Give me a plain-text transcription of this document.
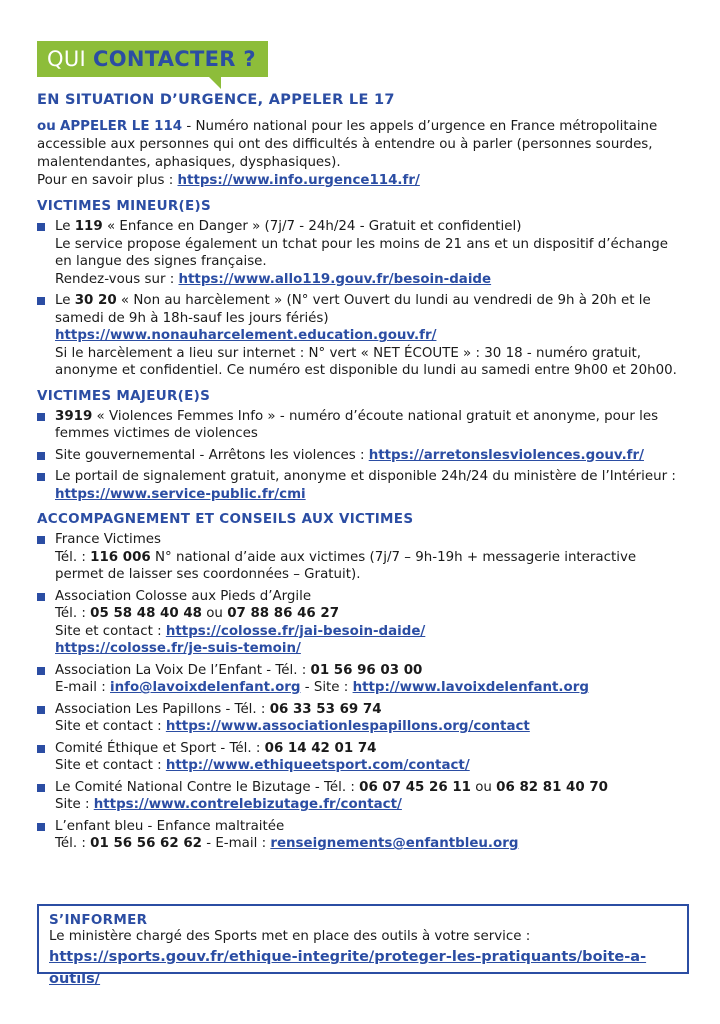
QUI CONTACTER ?
EN SITUATION D’URGENCE, APPELER LE 17

ou APPELER LE 114 - Numéro national pour les appels d’urgence en France métropolitaine accessible aux personnes qui ont des difficultés à entendre ou à parler (personnes sourdes, malentendantes, aphasiques, dysphasiques).
Pour en savoir plus : https://www.info.urgence114.fr/

VICTIMES MINEUR(E)S
Le 119 « Enfance en Danger » (7j/7 - 24h/24 - Gratuit et confidentiel)
Le service propose également un tchat pour les moins de 21 ans et un dispositif d’échange en langue des signes française.
Rendez-vous sur : https://www.allo119.gouv.fr/besoin-daide
Le 30 20 « Non au harcèlement » (N° vert Ouvert du lundi au vendredi de 9h à 20h et le samedi de 9h à 18h-sauf les jours fériés)
https://www.nonauharcelement.education.gouv.fr/
Si le harcèlement a lieu sur internet : N° vert « NET ÉCOUTE » : 30 18 - numéro gratuit, anonyme et confidentiel. Ce numéro est disponible du lundi au samedi entre 9h00 et 20h00.
VICTIMES MAJEUR(E)S
3919 « Violences Femmes Info » - numéro d’écoute national gratuit et anonyme, pour les femmes victimes de violences
Site gouvernemental - Arrêtons les violences : https://arretonslesviolences.gouv.fr/
Le portail de signalement gratuit, anonyme et disponible 24h/24 du ministère de l’Intérieur : https://www.service-public.fr/cmi
ACCOMPAGNEMENT ET CONSEILS AUX VICTIMES
France Victimes
Tél. : 116 006 N° national d’aide aux victimes (7j/7 – 9h-19h + messagerie interactive permet de laisser ses coordonnées – Gratuit).
Association Colosse aux Pieds d’Argile
Tél. : 05 58 48 40 48 ou 07 88 86 46 27
Site et contact : https://colosse.fr/jai-besoin-daide/
https://colosse.fr/je-suis-temoin/
Association La Voix De l’Enfant - Tél. : 01 56 96 03 00
E-mail : info@lavoixdelenfant.org - Site : http://www.lavoixdelenfant.org
Association Les Papillons - Tél. : 06 33 53 69 74
Site et contact : https://www.associationlespapillons.org/contact
Comité Éthique et Sport - Tél. : 06 14 42 01 74
Site et contact : http://www.ethiqueetsport.com/contact/
Le Comité National Contre le Bizutage - Tél. : 06 07 45 26 11 ou 06 82 81 40 70
Site : https://www.contrelebizutage.fr/contact/
L’enfant bleu - Enfance maltraitée
Tél. : 01 56 56 62 62 - E-mail : renseignements@enfantbleu.org
S’INFORMER

Le ministère chargé des Sports met en place des outils à votre service :

https://sports.gouv.fr/ethique-integrite/proteger-les-pratiquants/boite-a-outils/
